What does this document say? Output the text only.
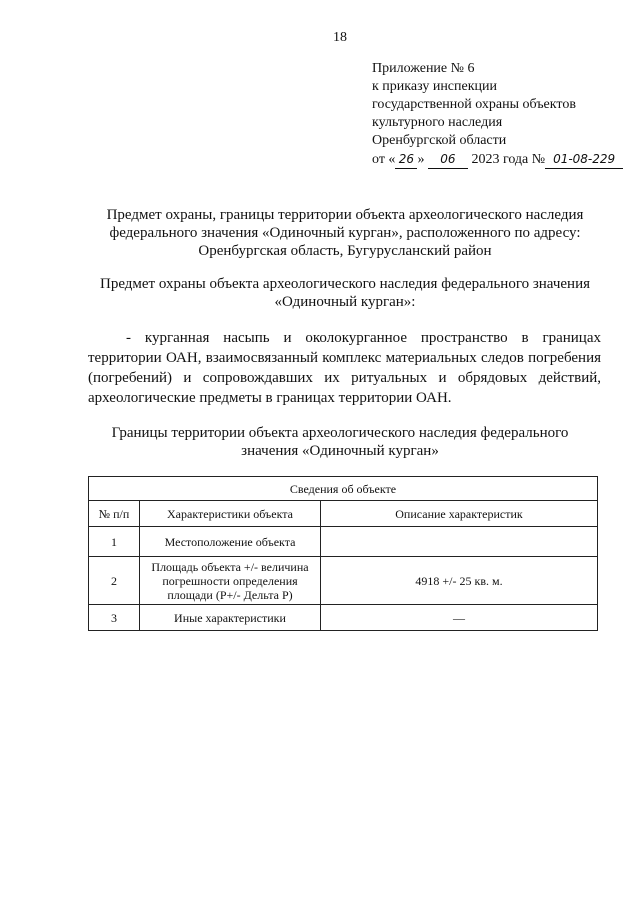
18
Приложение № 6
к приказу инспекции
государственной охраны объектов
культурного наследия
Оренбургской области
от « 26 » 06 2023 года № 01-08-229
Предмет охраны, границы территории объекта археологического наследия
федерального значения «Одиночный курган», расположенного по адресу:
Оренбургская область, Бугурусланский район
Предмет охраны объекта археологического наследия федерального значения
«Одиночный курган»:
- курганная насыпь и околокурганное пространство в границах территории ОАН, взаимосвязанный комплекс материальных следов погребения (погребений) и сопровождавших их ритуальных и обрядовых действий, археологические предметы в границах территории ОАН.
Границы территории объекта археологического наследия федерального
значения «Одиночный курган»
Сведения об объекте		
№ п/п	Характеристики объекта	Описание характеристик
1	Местоположение объекта	
2	Площадь объекта +/- величина погрешности определения площади (Р+/- Дельта Р)	4918 +/- 25 кв. м.
3	Иные характеристики	—
